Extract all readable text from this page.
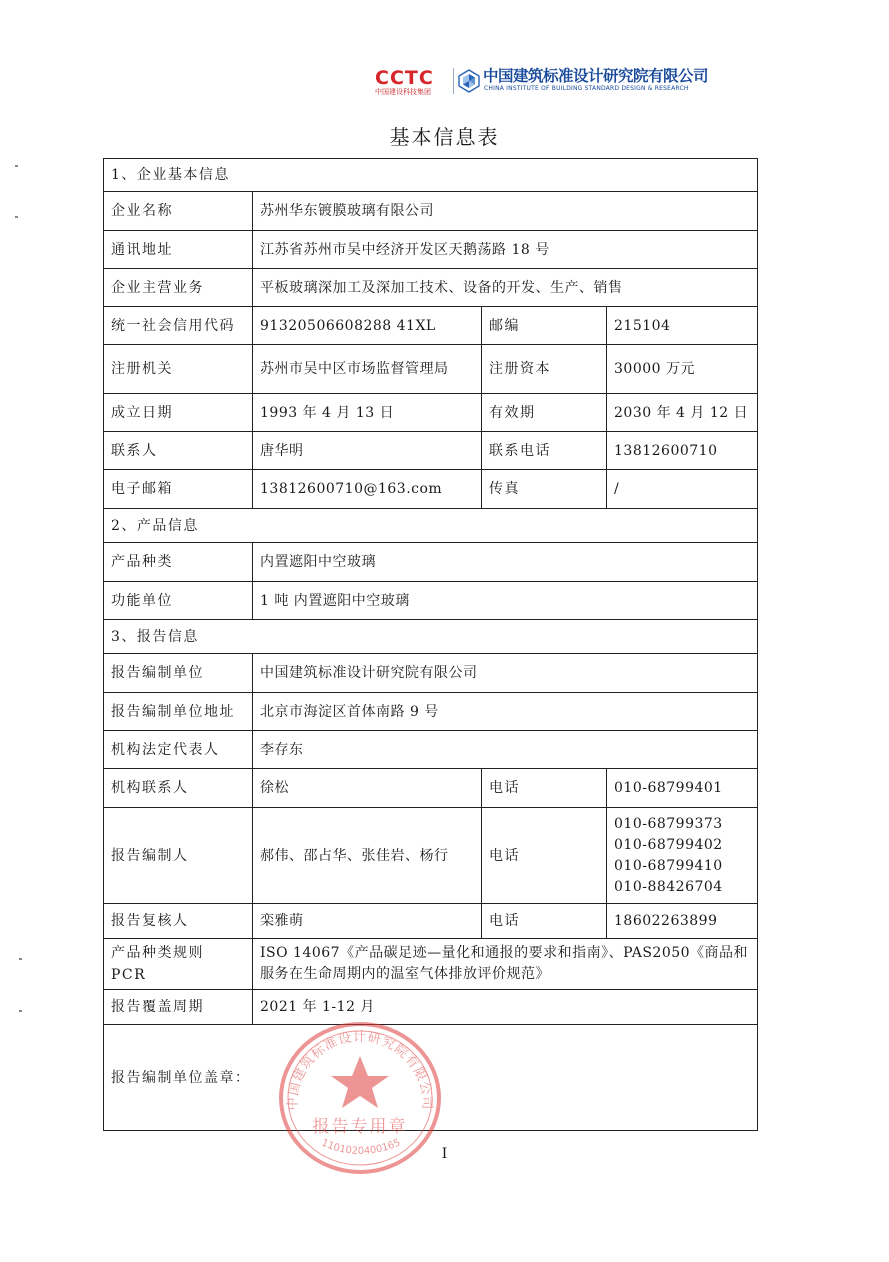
CCTC
中国建设科技集团
中国建筑标准设计研究院有限公司
CHINA INSTITUTE OF BUILDING STANDARD DESIGN & RESEARCH
基本信息表
1、企业基本信息			
企业名称	苏州华东镀膜玻璃有限公司		
通讯地址	江苏省苏州市吴中经济开发区天鹅荡路 18 号		
企业主营业务	平板玻璃深加工及深加工技术、设备的开发、生产、销售		
统一社会信用代码	91320506608288 41XL	邮编	215104
注册机关	苏州市吴中区市场监督管理局	注册资本	30000 万元
成立日期	1993 年 4 月 13 日	有效期	2030 年 4 月 12 日
联系人	唐华明	联系电话	13812600710
电子邮箱	13812600710@163.com	传真	/
2、产品信息			
产品种类	内置遮阳中空玻璃		
功能单位	1 吨 内置遮阳中空玻璃		
3、报告信息			
报告编制单位	中国建筑标准设计研究院有限公司		
报告编制单位地址	北京市海淀区首体南路 9 号		
机构法定代表人	李存东		
机构联系人	徐松	电话	010-68799401
报告编制人	郝伟、邵占华、张佳岩、杨行	电话	010-68799373
010-68799402
010-68799410
010-88426704

报告复核人	栾雅萌	电话	18602263899
产品种类规则 PCR	ISO 14067《产品碳足迹—量化和通报的要求和指南》、PAS2050《商品和服务在生命周期内的温室气体排放评价规范》		
报告覆盖周期	2021 年 1-12 月		
报告编制单位盖章：			
中国建筑标准设计研究院有限公司
报告专用章
1101020400165
I
